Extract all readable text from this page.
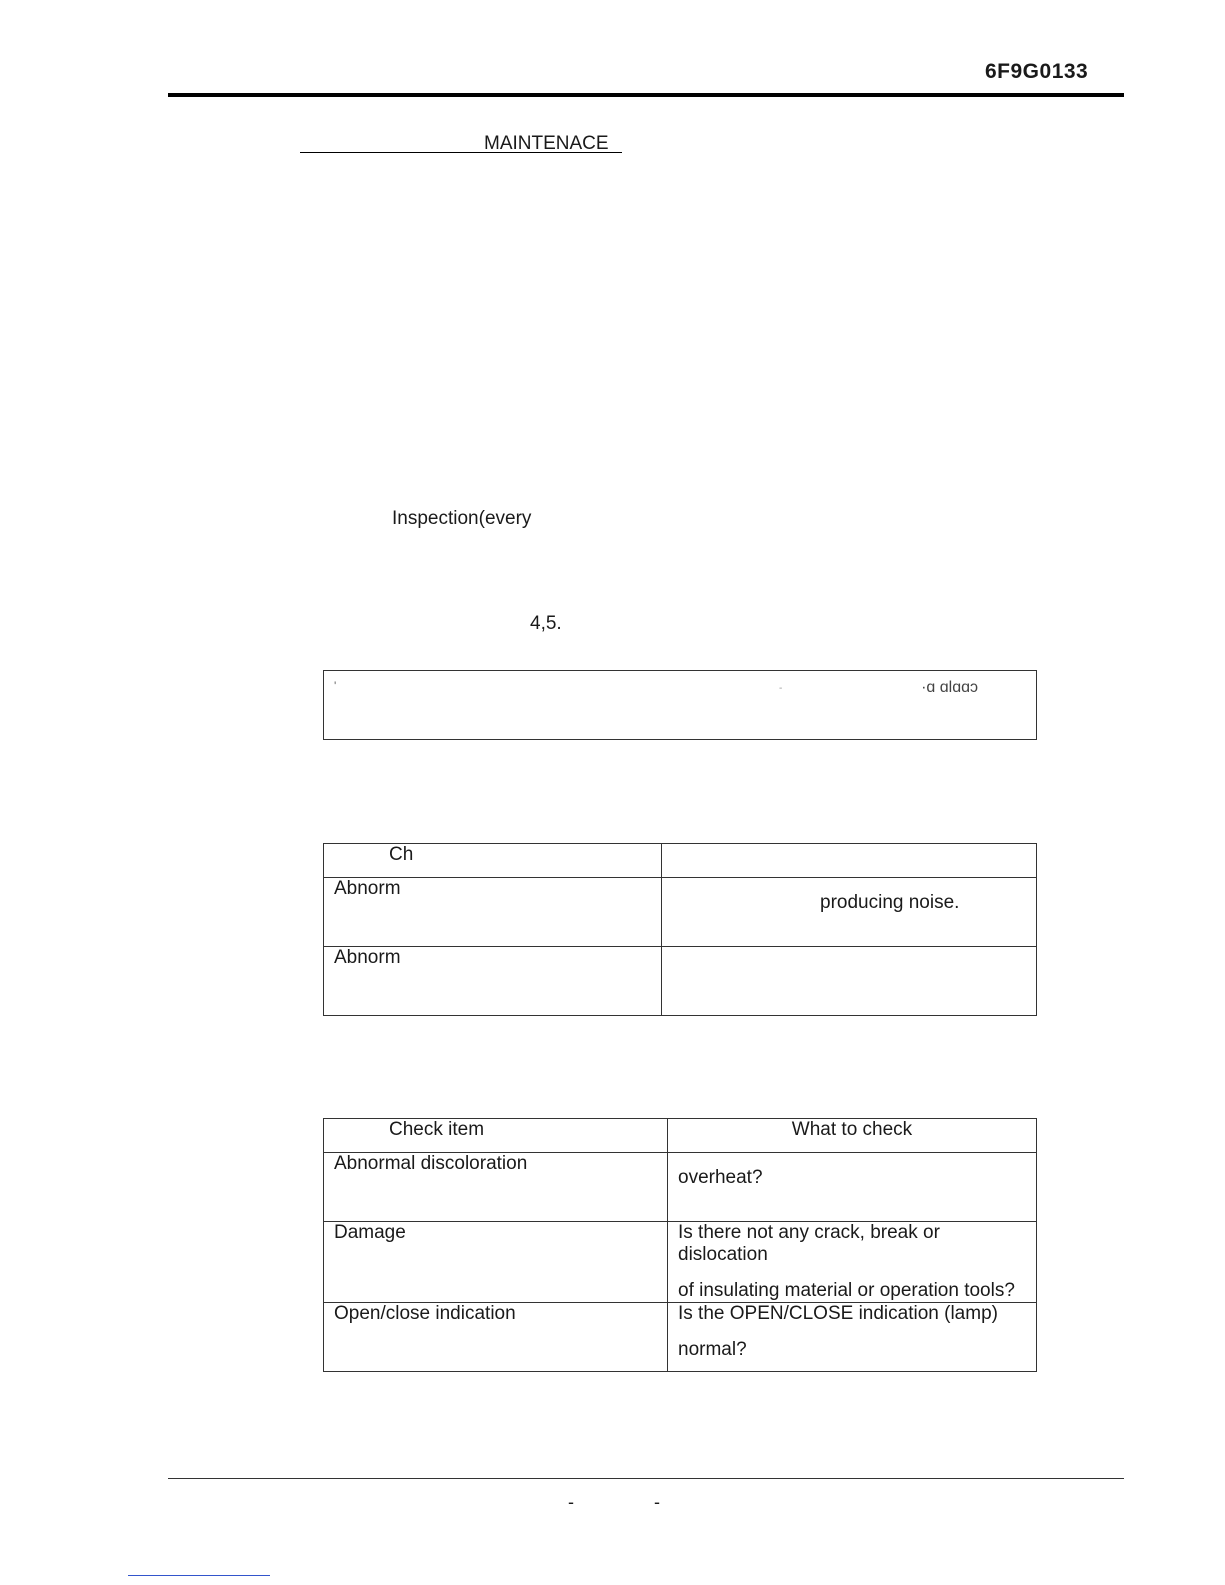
6F9G0133
MAINTENACE
Inspection(every
4,5.
'	-	·ɑ ɑlɑɑɔ
Ch	
Abnorm	producing noise.

Abnorm	
Check item	What to check
Abnormal discoloration	overheat?

Damage	Is there not any crack, break or dislocation
of insulating material or operation tools?

Open/close indication	Is the OPEN/CLOSE indication (lamp)
normal?
-	-
